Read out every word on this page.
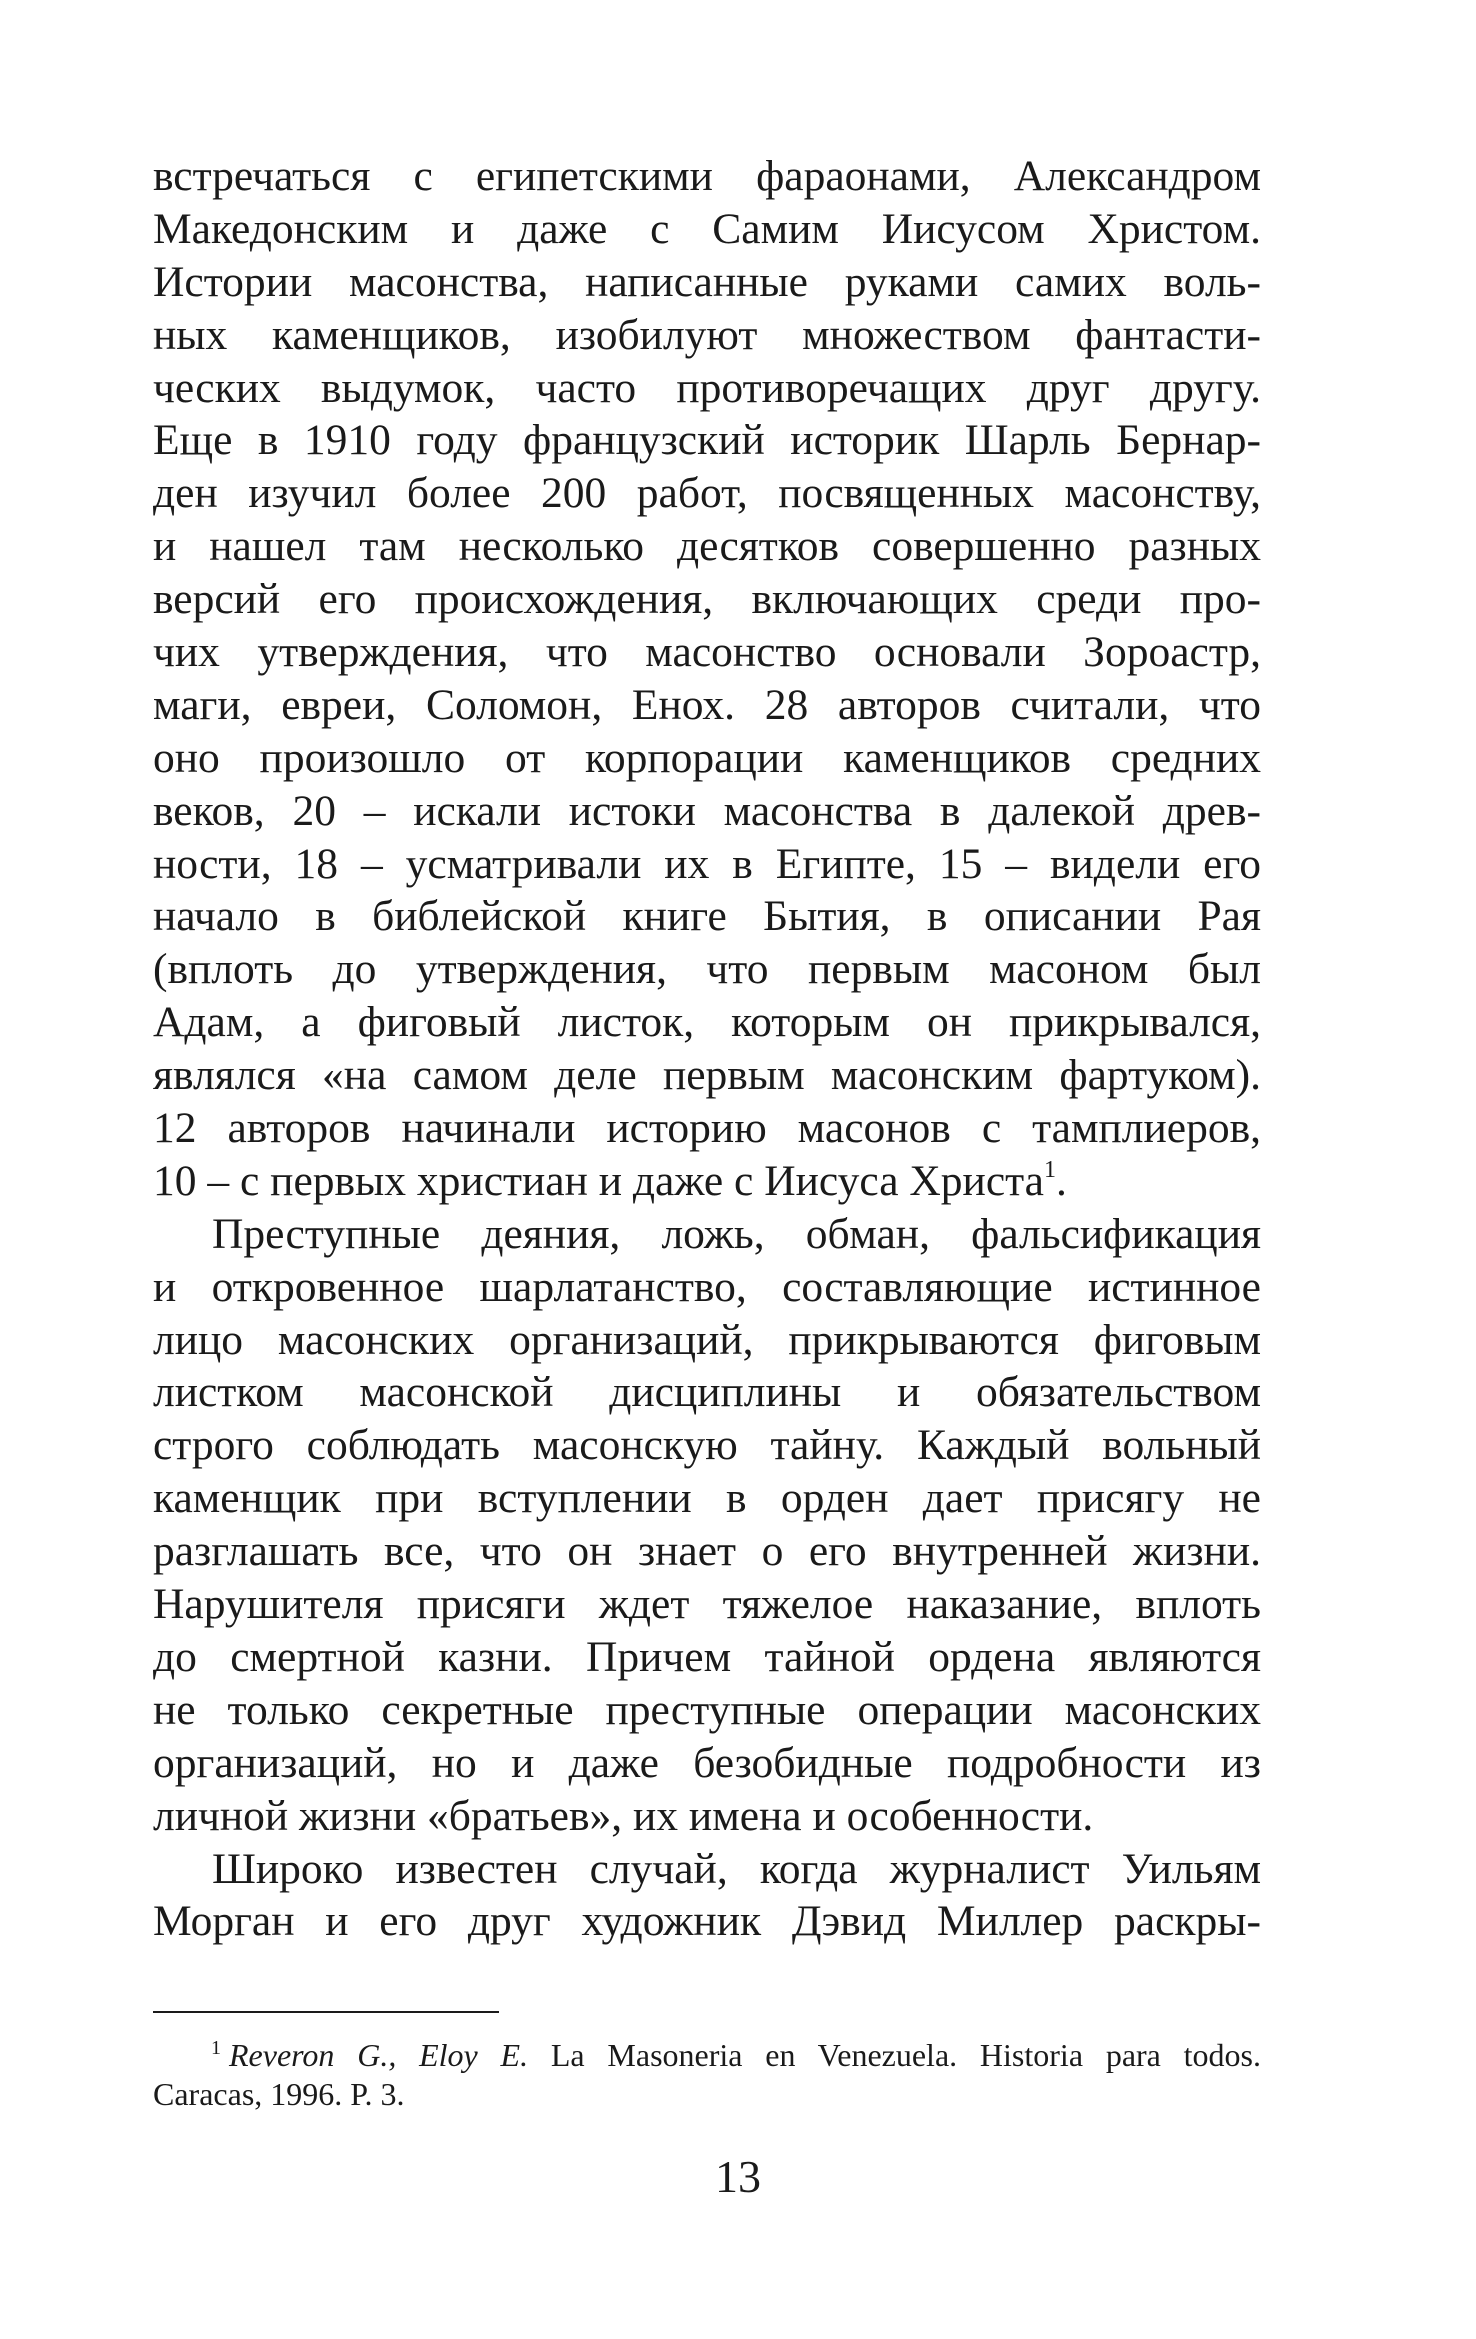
встречаться с египетскими фараонами, Александром
Македонским и даже с Самим Иисусом Христом.
Истории масонства, написанные руками самих воль-
ных каменщиков, изобилуют множеством фантасти-
ческих выдумок, часто противоречащих друг другу.
Еще в 1910 году французский историк Шарль Бернар-
ден изучил более 200 работ, посвященных масонству,
и нашел там несколько десятков совершенно разных
версий его происхождения, включающих среди про-
чих утверждения, что масонство основали Зороастр,
маги, евреи, Соломон, Енох. 28 авторов считали, что
оно произошло от корпорации каменщиков средних
веков, 20 – искали истоки масонства в далекой древ-
ности, 18 – усматривали их в Египте, 15 – видели его
начало в библейской книге Бытия, в описании Рая
(вплоть до утверждения, что первым масоном был
Адам, а фиговый листок, которым он прикрывался,
являлся «на самом деле первым масонским фартуком).
12 авторов начинали историю масонов с тамплиеров,
10 – с первых христиан и даже с Иисуса Христа$^1$.
Преступные деяния, ложь, обман, фальсификация
и откровенное шарлатанство, составляющие истинное
лицо масонских организаций, прикрываются фиговым
листком масонской дисциплины и обязательством
строго соблюдать масонскую тайну. Каждый вольный
каменщик при вступлении в орден дает присягу не
разглашать все, что он знает о его внутренней жизни.
Нарушителя присяги ждет тяжелое наказание, вплоть
до смертной казни. Причем тайной ордена являются
не только секретные преступные операции масонских
организаций, но и даже безобидные подробности из
личной жизни «братьев», их имена и особенности.
Широко известен случай, когда журналист Уильям
Морган и его друг художник Дэвид Миллер раскры-
$^1$ Reveron G., Eloy E. La Masoneria en Venezuela. Historia para todos.
Caracas, 1996. P. 3.
13
